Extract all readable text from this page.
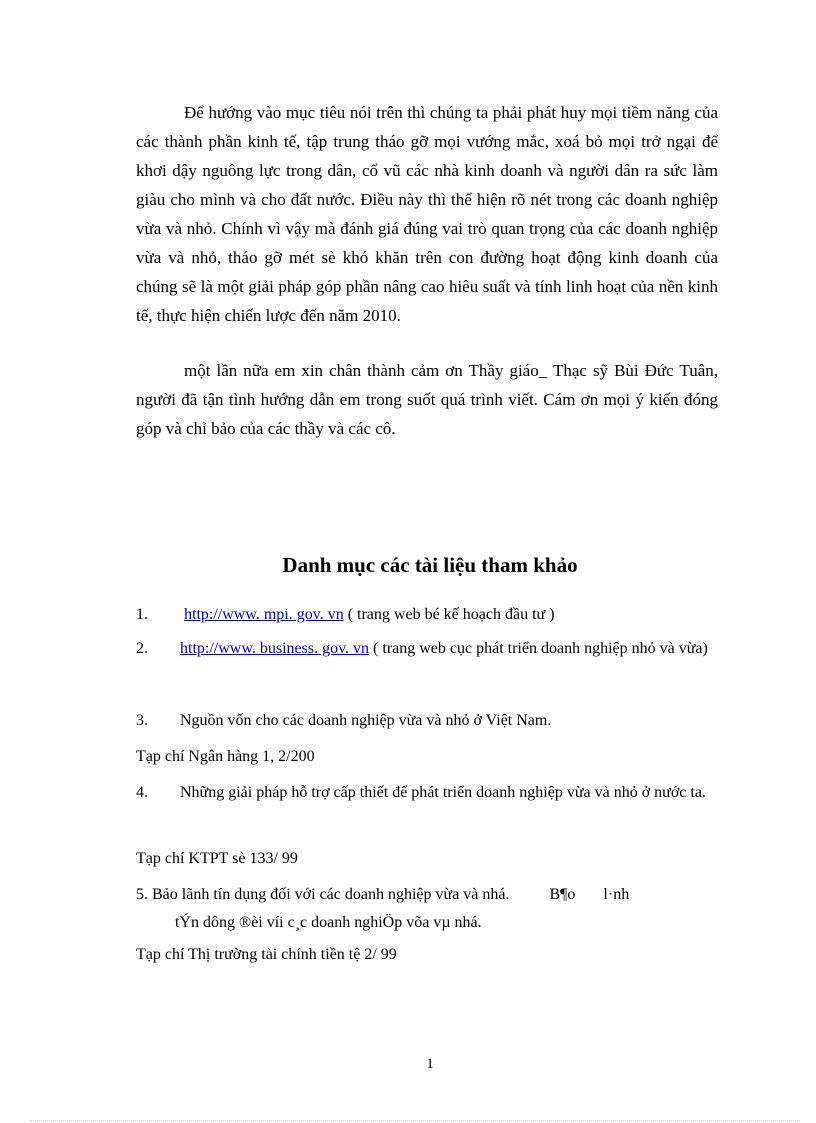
Để hướng vào mục tiêu nói trên thì chúng ta phải phát huy mọi tiềm năng của các thành phần kinh tế, tập trung tháo gỡ mọi vướng mắc, xoá bỏ mọi trở ngại để khơi dậy nguông lực trong dân, cổ vũ các nhà kinh doanh và người dân ra sức làm giàu cho mình và cho đất nước. Điều này thì thể hiện rõ nét trong các doanh nghiệp vừa và nhỏ. Chính vì vậy mà đánh giá đúng vai trò quan trọng của các doanh nghiệp vừa và nhỏ, tháo gỡ mét sè khó khăn trên con đường hoạt động kinh doanh của chúng sẽ là một giải pháp góp phần nâng cao hiêu suất và tính linh hoạt của nền kinh tế, thực hiện chiến lược đến năm 2010.

một lần nữa em xin chân thành cảm ơn Thầy giáo_ Thạc sỹ Bùi Đức Tuân, người đã tận tình hướng dẫn em trong suốt quá trình viết. Cám ơn mọi ý kiến đóng góp và chỉ bảo của các thầy và các cô.

Danh mục các tài liệu tham khảo

1. http://www. mpi. gov. vn ( trang web bé kế hoạch đầu tư )

2. http://www. business. gov. vn ( trang web cục phát triển doanh nghiệp nhỏ và vừa)

3. Nguồn vốn cho các doanh nghiệp vừa và nhỏ ở Việt Nam.

Tạp chí Ngân hàng 1, 2/200

4. Những giải pháp hỗ trợ cấp thiết để phát triển doanh nghiệp vừa và nhỏ ở nước ta.

Tạp chí KTPT sè 133/ 99

5. Bảo lãnh tín dụng đối với các doanh nghiệp vừa và nhá.	B¶o l·nh

tÝn dông ®èi víi c¸c doanh nghiÖp võa vµ nhá.

Tạp chí Thị trường tài chính tiền tệ 2/ 99

1
